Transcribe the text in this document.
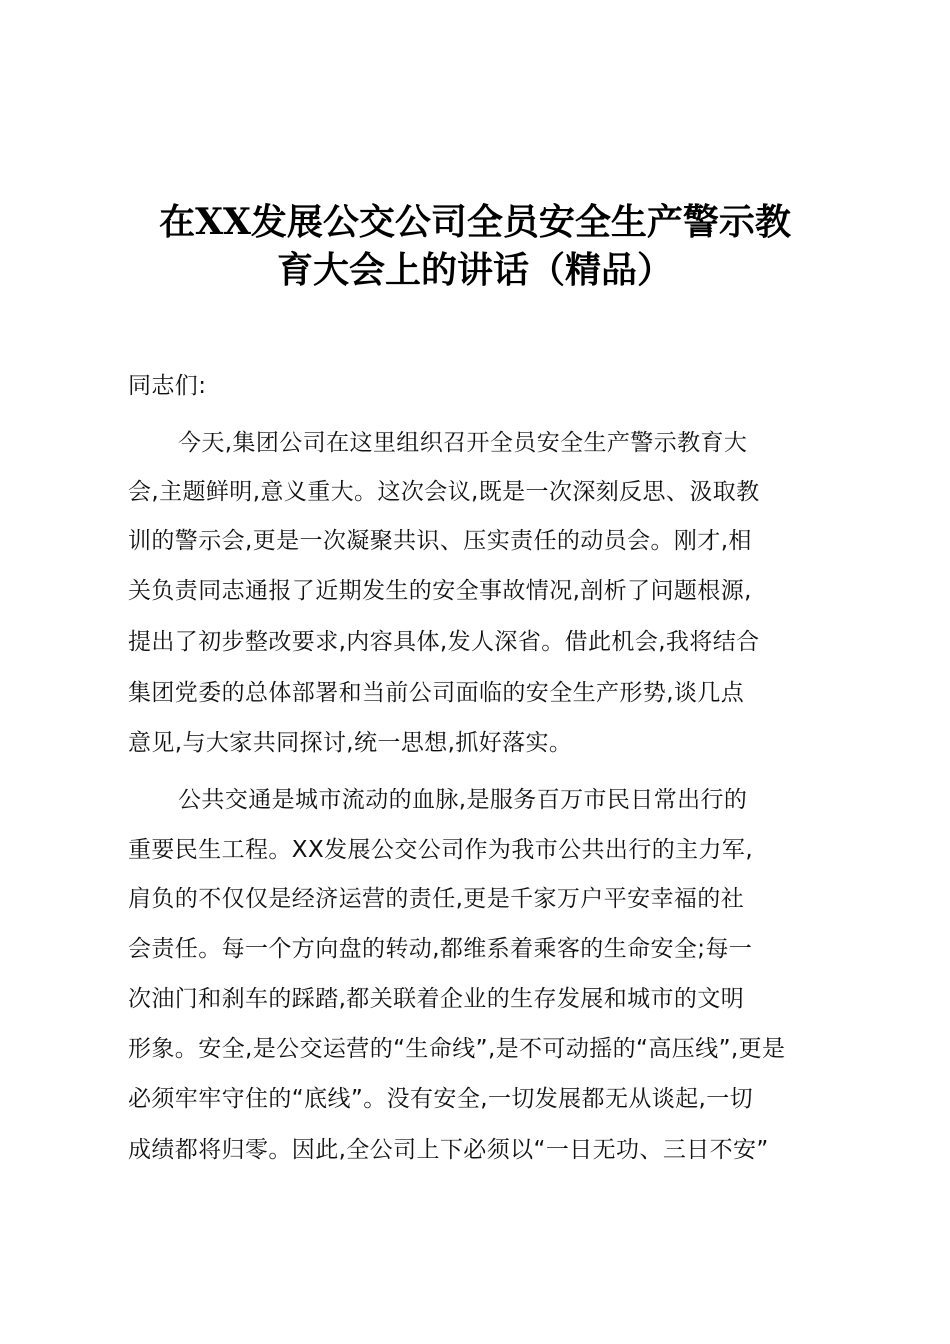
在XX发展公交公司全员安全生产警示教
育大会上的讲话（精品）
同志们:
今天,集团公司在这里组织召开全员安全生产警示教育大
会,主题鲜明,意义重大。这次会议,既是一次深刻反思、汲取教
训的警示会,更是一次凝聚共识、压实责任的动员会。刚才,相
关负责同志通报了近期发生的安全事故情况,剖析了问题根源,
提出了初步整改要求,内容具体,发人深省。借此机会,我将结合
集团党委的总体部署和当前公司面临的安全生产形势,谈几点
意见,与大家共同探讨,统一思想,抓好落实。
公共交通是城市流动的血脉,是服务百万市民日常出行的
重要民生工程。XX发展公交公司作为我市公共出行的主力军,
肩负的不仅仅是经济运营的责任,更是千家万户平安幸福的社
会责任。每一个方向盘的转动,都维系着乘客的生命安全;每一
次油门和刹车的踩踏,都关联着企业的生存发展和城市的文明
形象。安全,是公交运营的“生命线”,是不可动摇的“高压线”,更是
必须牢牢守住的“底线”。没有安全,一切发展都无从谈起,一切
成绩都将归零。因此,全公司上下必须以“一日无功、三日不安”
